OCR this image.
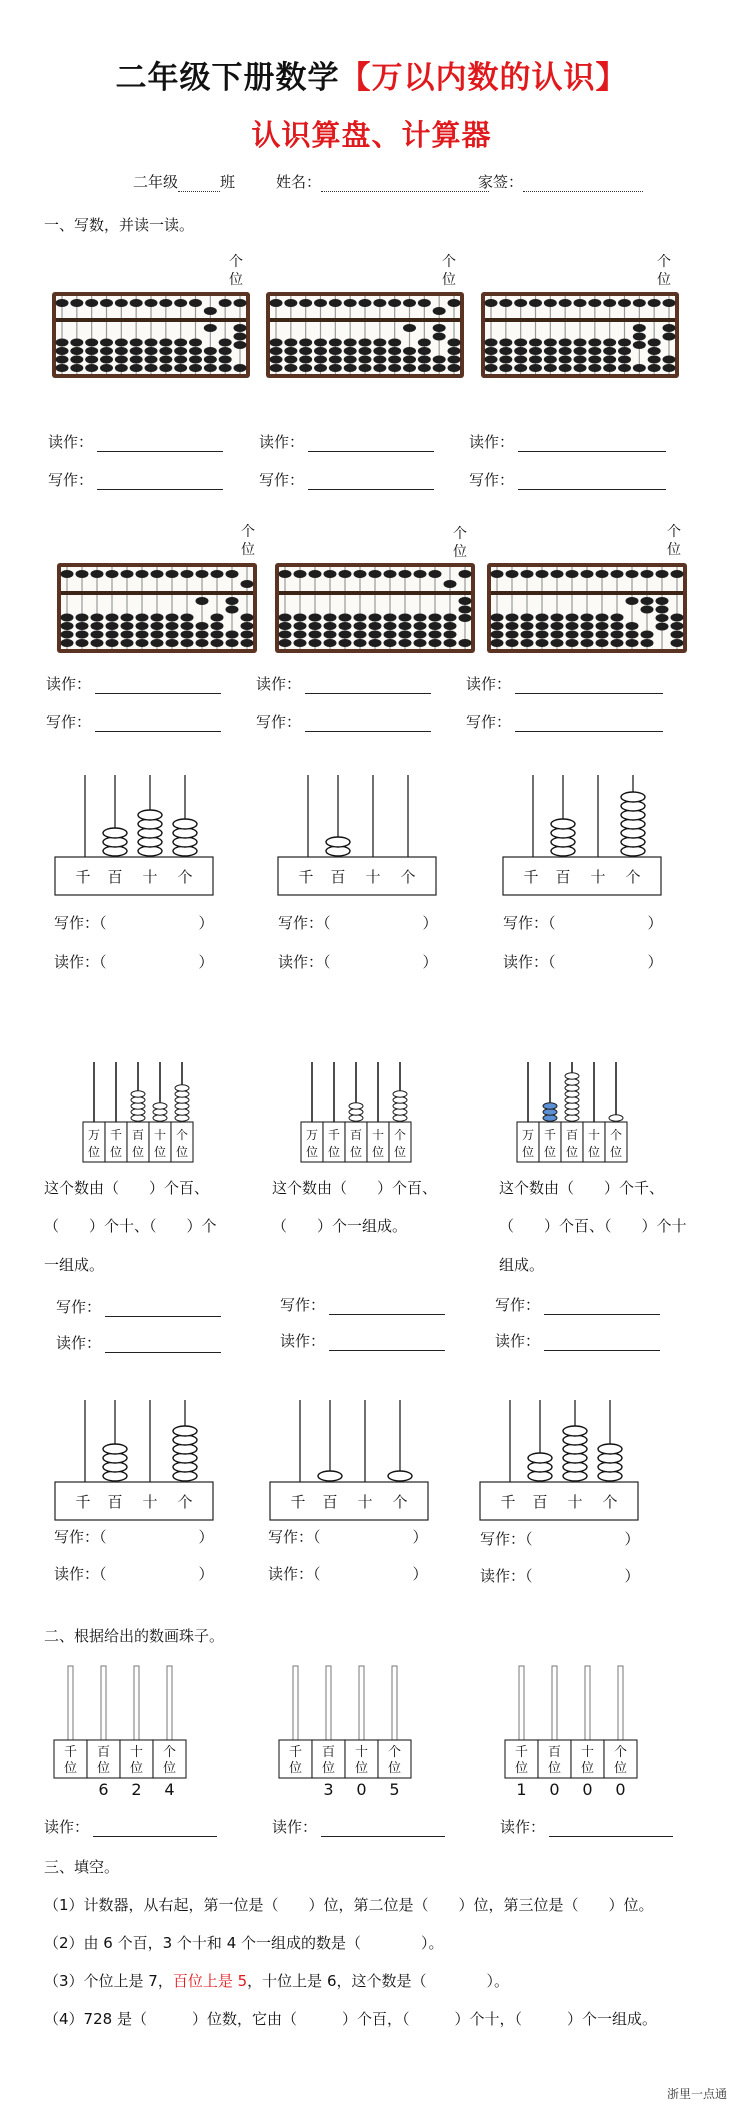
二年级下册数学【万以内数的认识】
认识算盘、计算器
二年级	班	姓名：	家签：
一、写数，并读一读。
个
位
个
位
个
位
读作：	读作：	读作：
写作：	写作：	写作：
个
位
个
位
个
位
读作：	读作：	读作：
写作：	写作：	写作：
千 百 十 个	千 百 十 个	千 百 十 个
写作：（	）	写作：（	）	写作：（	）
读作：（	）	读作：（	）	读作：（	）
万
位
千
位
百
位
十
位
个
位
万
位
千
位
百
位
十
位
个
位
万
位
千
位
百
位
十
位
个
位
这个数由（　　）个百、
（　　）个十、（　　）个
一组成。
这个数由（　　）个百、
（　　）个一组成。
这个数由（　　）个千、
（　　）个百、（　　）个十
组成。
写作：	写作：	写作：
读作：	读作：	读作：
千 百 十 个	千 百 十 个	千 百 十 个
写作：（	）	写作：（	）	写作：（	）
读作：（	）	读作：（	）	读作：（	）
二、根据给出的数画珠子。
千
位
百
位
十
位
个
位
6 2 4
千
位
百
位
十
位
个
位
3 0 5
千
位
百
位
十
位
个
位
1 0 0 0
读作：	读作：	读作：
三、填空。
（1）计数器，从右起，第一位是（　　）位，第二位是（　　）位，第三位是（　　）位。
（2）由 6 个百，3 个十和 4 个一组成的数是（　　　　）。
（3）个位上是 7，百位上是 5，十位上是 6，这个数是（　　　　）。
（4）728 是（　　　）位数，它由（　　　）个百，（　　　）个十，（　　　）个一组成。
浙里一点通
